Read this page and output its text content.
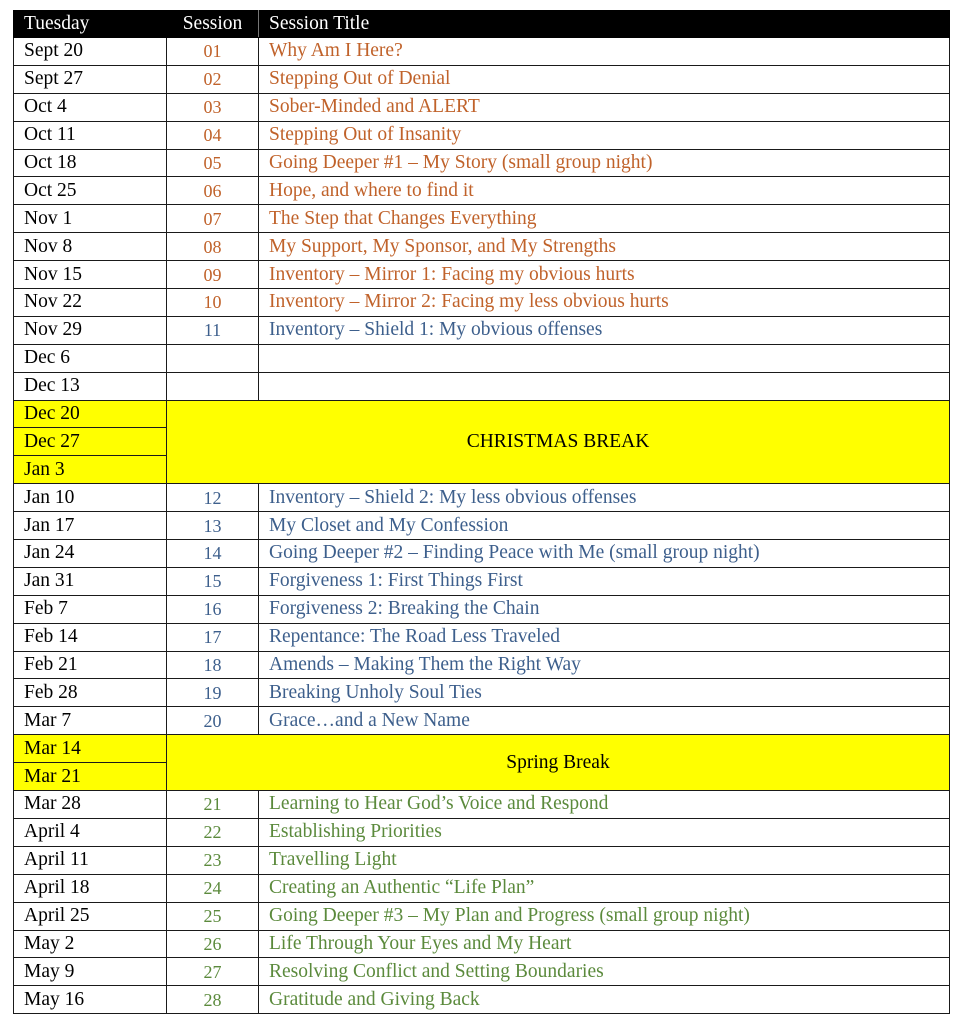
Tuesday	Session	Session Title
Sept 20	01	Why Am I Here?
Sept 27	02	Stepping Out of Denial
Oct 4	03	Sober-Minded and ALERT
Oct 11	04	Stepping Out of Insanity
Oct 18	05	Going Deeper #1 – My Story (small group night)
Oct 25	06	Hope, and where to find it
Nov 1	07	The Step that Changes Everything
Nov 8	08	My Support, My Sponsor, and My Strengths
Nov 15	09	Inventory – Mirror 1: Facing my obvious hurts
Nov 22	10	Inventory – Mirror 2: Facing my less obvious hurts
Nov 29	11	Inventory – Shield 1: My obvious offenses
Dec 6		
Dec 13		
Dec 20	CHRISTMAS BREAK	
Dec 27		
Jan 3		
Jan 10	12	Inventory – Shield 2: My less obvious offenses
Jan 17	13	My Closet and My Confession
Jan 24	14	Going Deeper #2 – Finding Peace with Me (small group night)
Jan 31	15	Forgiveness 1: First Things First
Feb 7	16	Forgiveness 2: Breaking the Chain
Feb 14	17	Repentance: The Road Less Traveled
Feb 21	18	Amends – Making Them the Right Way
Feb 28	19	Breaking Unholy Soul Ties
Mar 7	20	Grace…and a New Name
Mar 14	Spring Break	
Mar 21		
Mar 28	21	Learning to Hear God’s Voice and Respond
April 4	22	Establishing Priorities
April 11	23	Travelling Light
April 18	24	Creating an Authentic “Life Plan”
April 25	25	Going Deeper #3 – My Plan and Progress (small group night)
May 2	26	Life Through Your Eyes and My Heart
May 9	27	Resolving Conflict and Setting Boundaries
May 16	28	Gratitude and Giving Back
